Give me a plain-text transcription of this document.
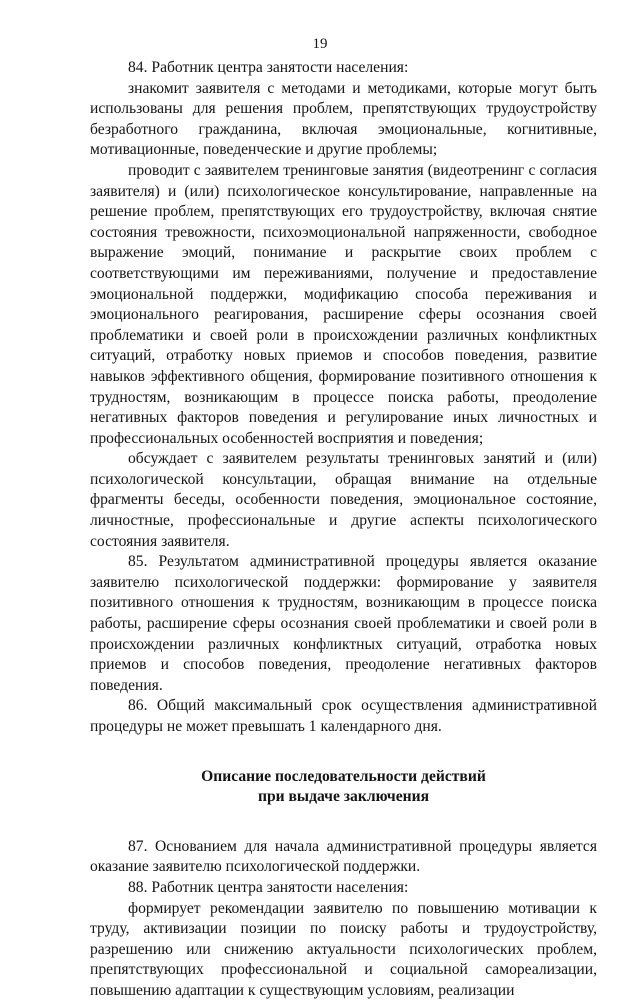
19

84. Работник центра занятости населения:

знакомит заявителя с методами и методиками, которые могут быть использованы для решения проблем, препятствующих трудоустройству безработного гражданина, включая эмоциональные, когнитивные, мотивационные, поведенческие и другие проблемы;

проводит с заявителем тренинговые занятия (видеотренинг с согласия заявителя) и (или) психологическое консультирование, направленные на решение проблем, препятствующих его трудоустройству, включая снятие состояния тревожности, психоэмоциональной напряженности, свободное выражение эмоций, понимание и раскрытие своих проблем с соответствующими им переживаниями, получение и предоставление эмоциональной поддержки, модификацию способа переживания и эмоционального реагирования, расширение сферы осознания своей проблематики и своей роли в происхождении различных конфликтных ситуаций, отработку новых приемов и способов поведения, развитие навыков эффективного общения, формирование позитивного отношения к трудностям, возникающим в процессе поиска работы, преодоление негативных факторов поведения и регулирование иных личностных и профессиональных особенностей восприятия и поведения;

обсуждает с заявителем результаты тренинговых занятий и (или) психологической консультации, обращая внимание на отдельные фрагменты беседы, особенности поведения, эмоциональное состояние, личностные, профессиональные и другие аспекты психологического состояния заявителя.

85. Результатом административной процедуры является оказание заявителю психологической поддержки: формирование у заявителя позитивного отношения к трудностям, возникающим в процессе поиска работы, расширение сферы осознания своей проблематики и своей роли в происхождении различных конфликтных ситуаций, отработка новых приемов и способов поведения, преодоление негативных факторов поведения.

86. Общий максимальный срок осуществления административной процедуры не может превышать 1 календарного дня.

Описание последовательности действий
при выдаче заключения

87. Основанием для начала административной процедуры является оказание заявителю психологической поддержки.

88. Работник центра занятости населения:

формирует рекомендации заявителю по повышению мотивации к труду, активизации позиции по поиску работы и трудоустройству, разрешению или снижению актуальности психологических проблем, препятствующих профессиональной и социальной самореализации, повышению адаптации к существующим условиям, реализации
